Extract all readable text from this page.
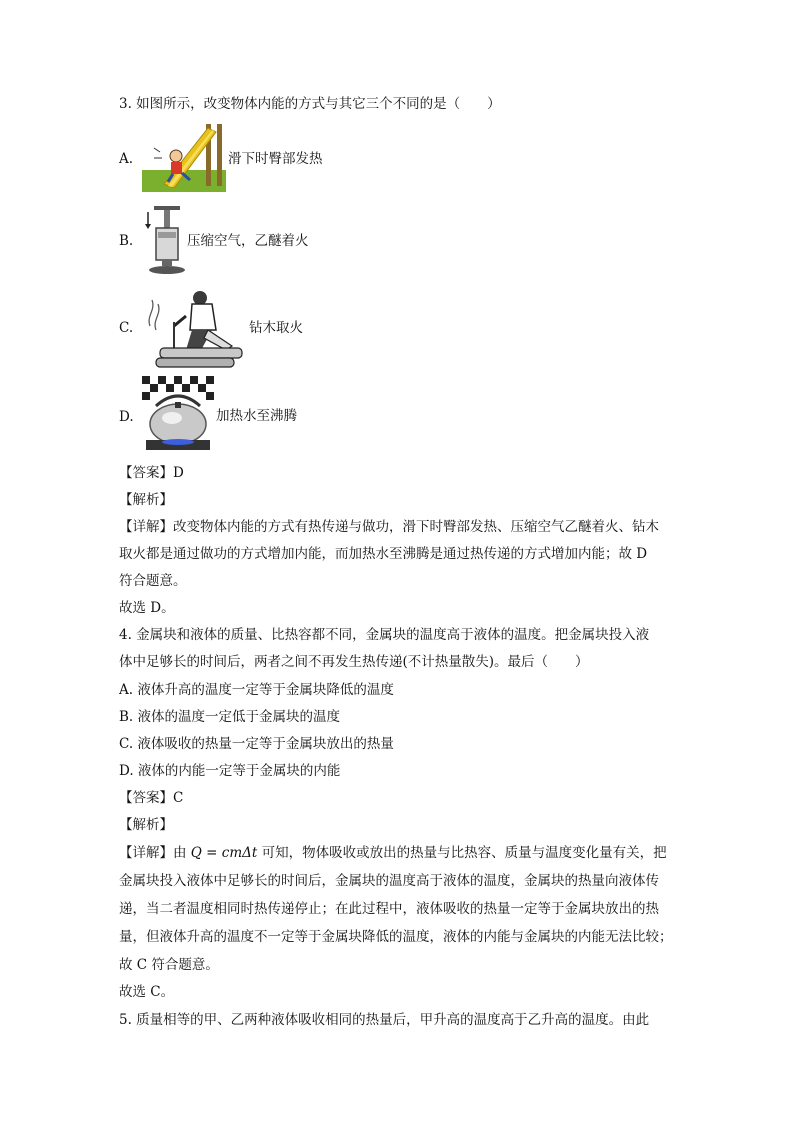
3. 如图所示，改变物体内能的方式与其它三个不同的是（　　）
A.	滑下时臀部发热
B.	压缩空气，乙醚着火
C.	钻木取火
D.	加热水至沸腾
【答案】D
【解析】
【详解】改变物体内能的方式有热传递与做功，滑下时臀部发热、压缩空气乙醚着火、钻木
取火都是通过做功的方式增加内能，而加热水至沸腾是通过热传递的方式增加内能；故 D
符合题意。
故选 D。
4. 金属块和液体的质量、比热容都不同，金属块的温度高于液体的温度。把金属块投入液
体中足够长的时间后，两者之间不再发生热传递(不计热量散失)。最后（　　）
A. 液体升高的温度一定等于金属块降低的温度
B. 液体的温度一定低于金属块的温度
C. 液体吸收的热量一定等于金属块放出的热量
D. 液体的内能一定等于金属块的内能
【答案】C
【解析】
【详解】由 Q = cmΔt 可知，物体吸收或放出的热量与比热容、质量与温度变化量有关，把
金属块投入液体中足够长的时间后，金属块的温度高于液体的温度，金属块的热量向液体传
递，当二者温度相同时热传递停止；在此过程中，液体吸收的热量一定等于金属块放出的热
量，但液体升高的温度不一定等于金属块降低的温度，液体的内能与金属块的内能无法比较；
故 C 符合题意。
故选 C。
5. 质量相等的甲、乙两种液体吸收相同的热量后，甲升高的温度高于乙升高的温度。由此
